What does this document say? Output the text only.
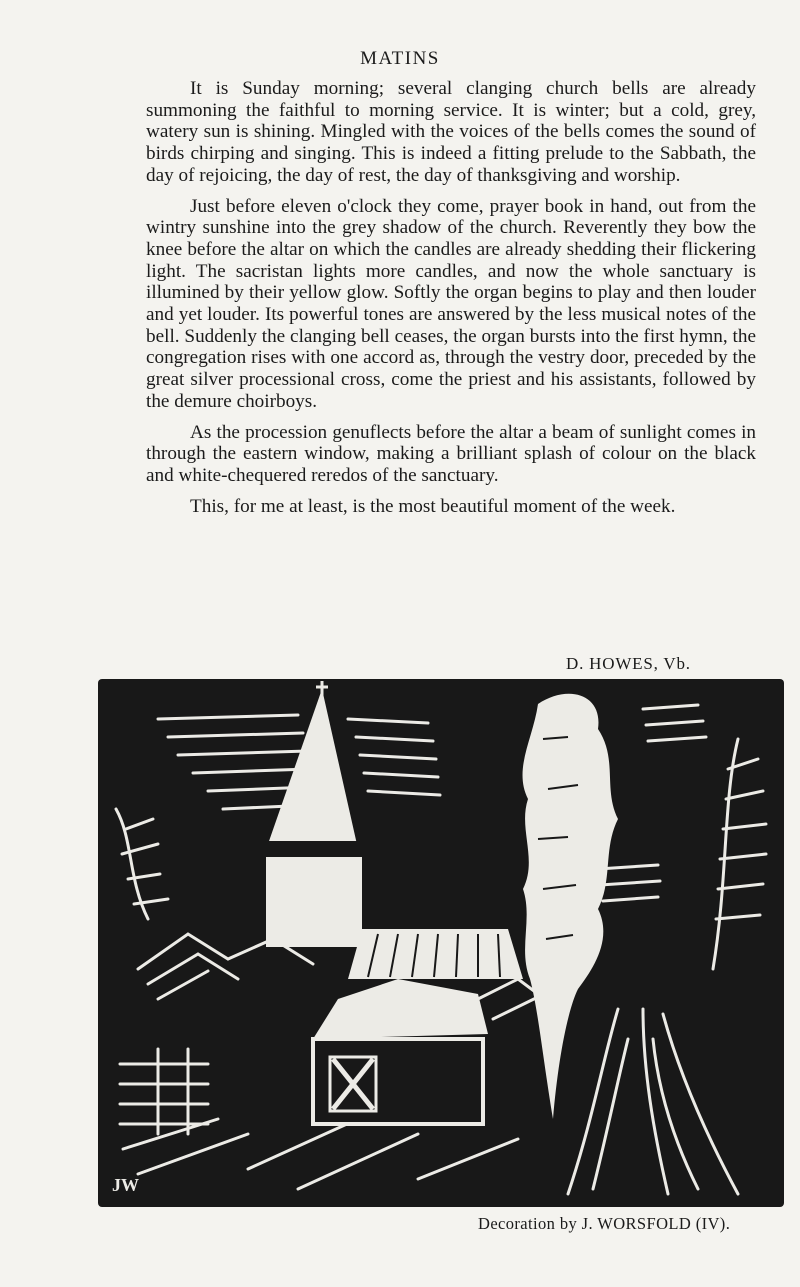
MATINS

It is Sunday morning; several clanging church bells are already summoning the faithful to morning service. It is winter; but a cold, grey, watery sun is shining. Mingled with the voices of the bells comes the sound of birds chirping and singing. This is indeed a fitting prelude to the Sabbath, the day of rejoicing, the day of rest, the day of thanksgiving and worship.

Just before eleven o'clock they come, prayer book in hand, out from the wintry sunshine into the grey shadow of the church. Reverently they bow the knee before the altar on which the candles are already shedding their flickering light. The sacristan lights more candles, and now the whole sanctuary is illumined by their yellow glow. Softly the organ begins to play and then louder and yet louder. Its powerful tones are answered by the less musical notes of the bell. Suddenly the clanging bell ceases, the organ bursts into the first hymn, the congregation rises with one accord as, through the vestry door, preceded by the great silver processional cross, come the priest and his assistants, followed by the demure choirboys.

As the procession genuflects before the altar a beam of sunlight comes in through the eastern window, making a brilliant splash of colour on the black and white-chequered reredos of the sanctuary.

This, for me at least, is the most beautiful moment of the week.

D. HOWES, Vb.

JW

Decoration by J. WORSFOLD (IV).
